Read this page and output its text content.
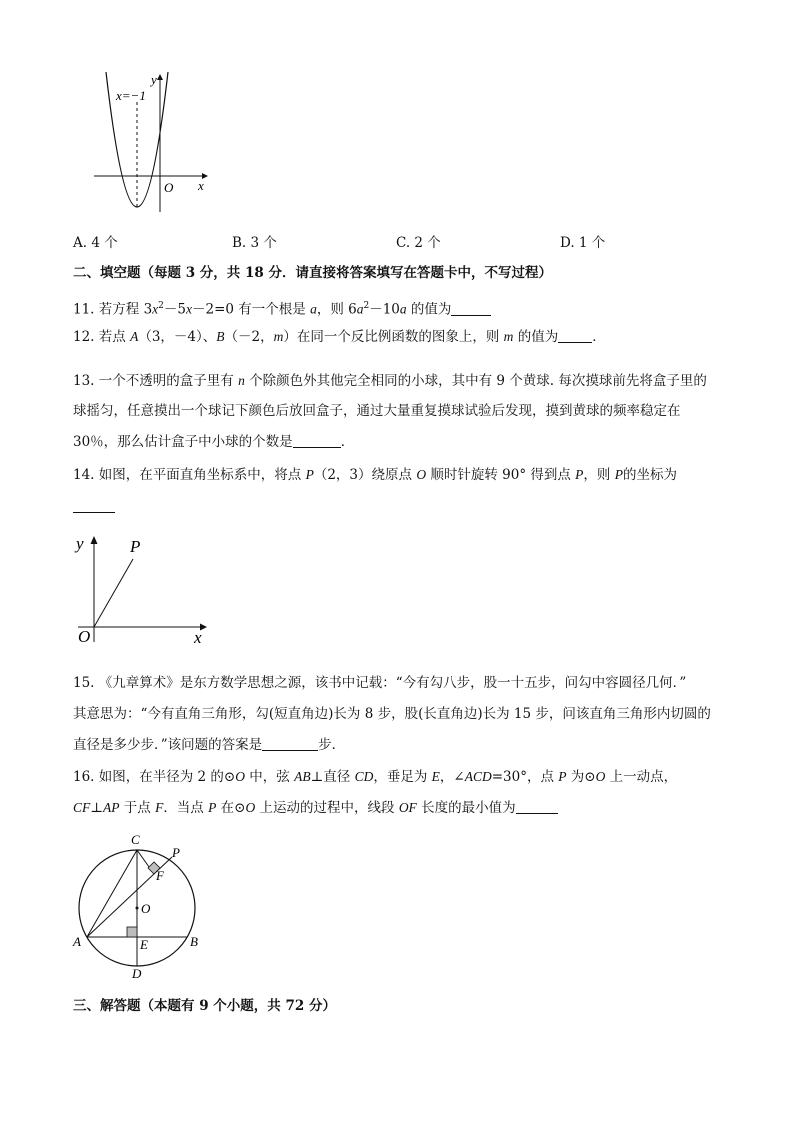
x=−1
y
x
O
A. 4 个	B. 3 个	C. 2 个	D. 1 个
二、填空题（每题 3 分，共 18 分．请直接将答案填写在答题卡中，不写过程）
11. 若方程 $3x^2-5x-2=0$ 有一个根是 a，则 $6a^2-10a$ 的值为
12. 若点 A（3，－4）、B（－2，m）在同一个反比例函数的图象上，则 m 的值为	．
13. 一个不透明的盒子里有 n 个除颜色外其他完全相同的小球，其中有 9 个黄球. 每次摸球前先将盒子里的
球摇匀，任意摸出一个球记下颜色后放回盒子，通过大量重复摸球试验后发现，摸到黄球的频率稳定在
30％，那么估计盒子中小球的个数是	．
14. 如图，在平面直角坐标系中，将点 P（2，3）绕原点 O 顺时针旋转 90° 得到点 P，则 P的坐标为
y	P
O	x
15. 《九章算术》是东方数学思想之源，该书中记载：“今有勾八步，股一十五步，问勾中容圆径几何．”
其意思为：“今有直角三角形，勾(短直角边)长为 8 步，股(长直角边)长为 15 步，问该直角三角形内切圆的
直径是多少步．”该问题的答案是	步．
16. 如图，在半径为 2 的⊙O 中，弦 AB⊥直径 CD，垂足为 E，∠ACD=30°，点 P 为⊙O 上一动点，
CF⊥AP 于点 F．当点 P 在⊙O 上运动的过程中，线段 OF 长度的最小值为
C
P
F
O
A	E	B
D
三、解答题（本题有 9 个小题，共 72 分）
